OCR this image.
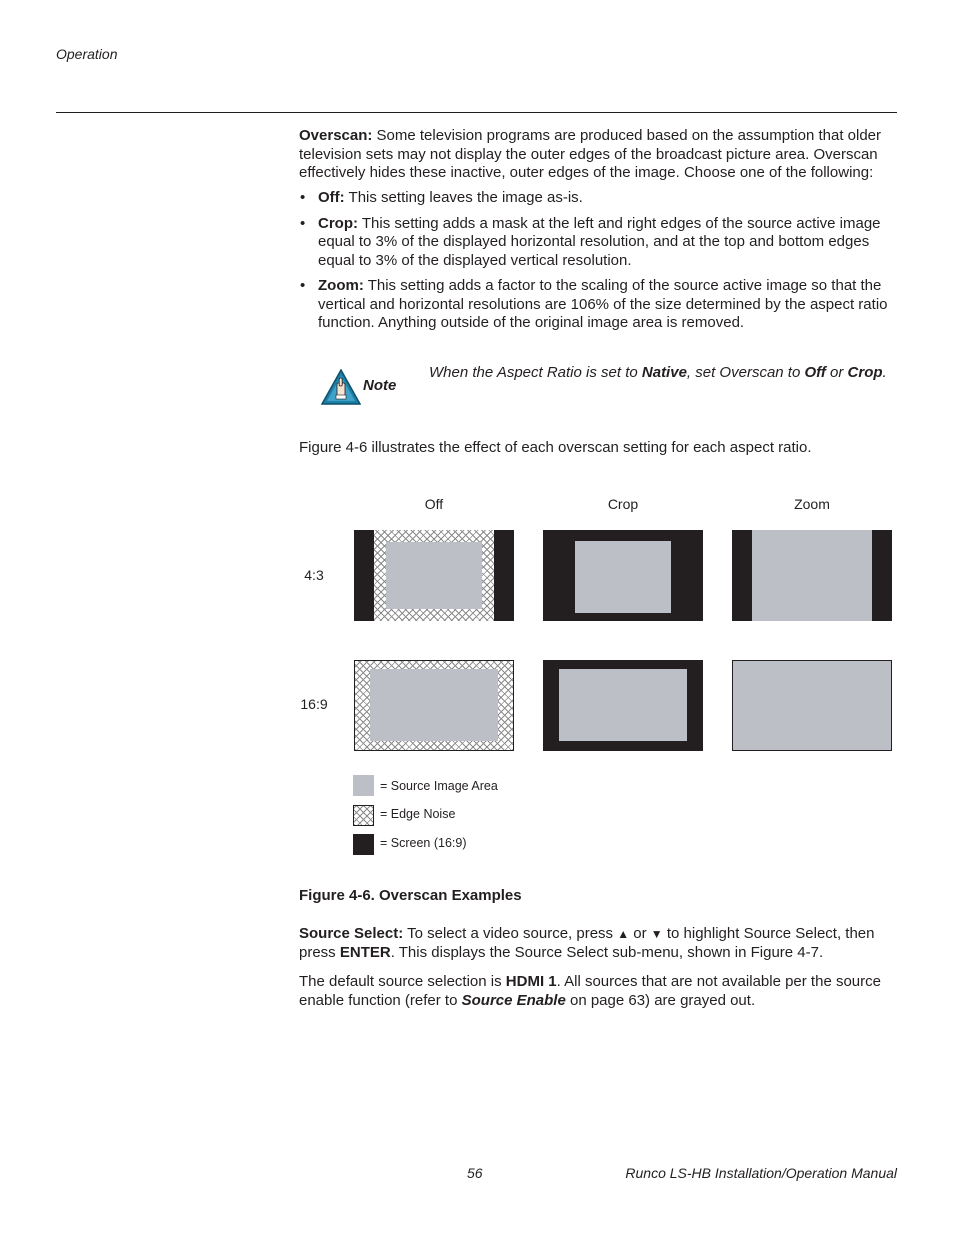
Operation
Overscan: Some television programs are produced based on the assumption that older television sets may not display the outer edges of the broadcast picture area. Overscan effectively hides these inactive, outer edges of the image. Choose one of the following:
• Off: This setting leaves the image as-is.
• Crop: This setting adds a mask at the left and right edges of the source active image equal to 3% of the displayed horizontal resolution, and at the top and bottom edges equal to 3% of the displayed vertical resolution.
• Zoom: This setting adds a factor to the scaling of the source active image so that the vertical and horizontal resolutions are 106% of the size determined by the aspect ratio function. Anything outside of the original image area is removed.
Note
When the Aspect Ratio is set to Native, set Overscan to Off or Crop.
Figure 4-6 illustrates the effect of each overscan setting for each aspect ratio.
Off	Crop	Zoom
4:3
16:9
= Source Image Area
= Edge Noise
= Screen (16:9)
Figure 4-6. Overscan Examples
Source Select: To select a video source, press ▲ or ▼ to highlight Source Select, then press ENTER. This displays the Source Select sub-menu, shown in Figure 4-7.
The default source selection is HDMI 1. All sources that are not available per the source enable function (refer to Source Enable on page 63) are grayed out.
56	Runco LS-HB Installation/Operation Manual
